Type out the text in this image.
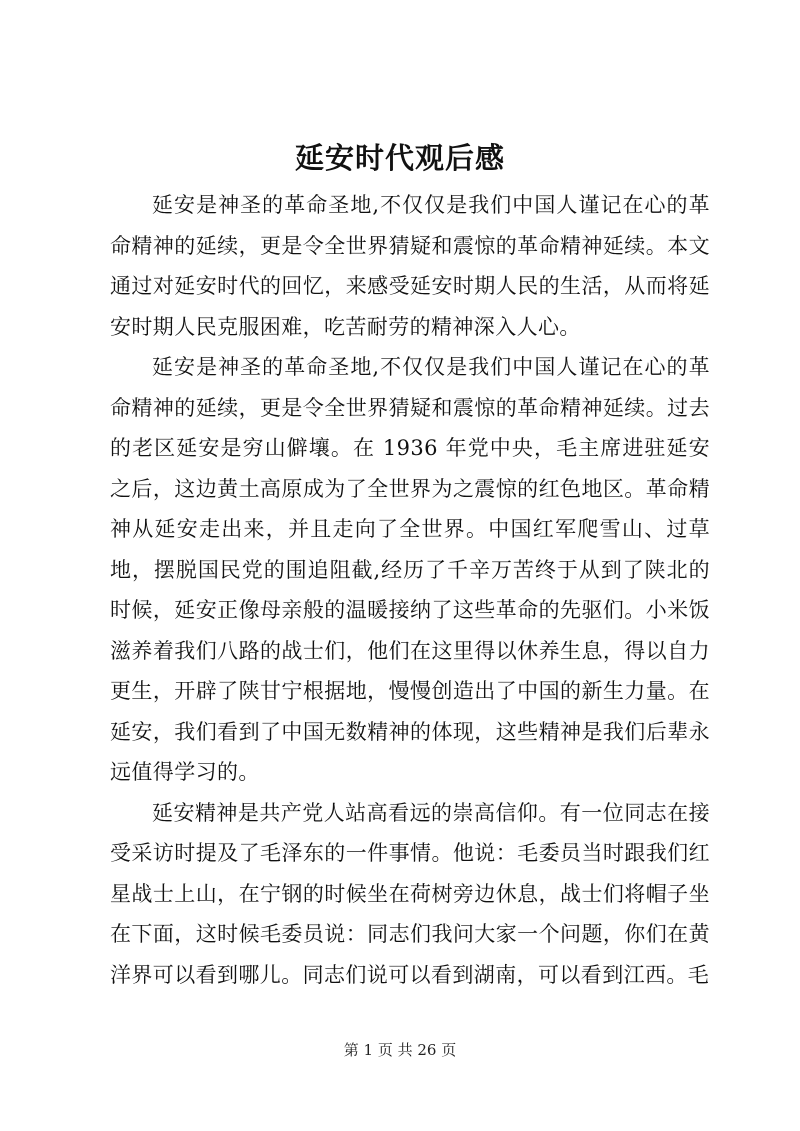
延安时代观后感

延安是神圣的革命圣地,不仅仅是我们中国人谨记在心的革命精神的延续，更是令全世界猜疑和震惊的革命精神延续。本文通过对延安时代的回忆，来感受延安时期人民的生活，从而将延安时期人民克服困难，吃苦耐劳的精神深入人心。

延安是神圣的革命圣地,不仅仅是我们中国人谨记在心的革命精神的延续，更是令全世界猜疑和震惊的革命精神延续。过去的老区延安是穷山僻壤。在 1936 年党中央，毛主席进驻延安之后，这边黄土高原成为了全世界为之震惊的红色地区。革命精神从延安走出来，并且走向了全世界。中国红军爬雪山、过草地，摆脱国民党的围追阻截,经历了千辛万苦终于从到了陕北的时候，延安正像母亲般的温暖接纳了这些革命的先驱们。小米饭滋养着我们八路的战士们，他们在这里得以休养生息，得以自力更生，开辟了陕甘宁根据地，慢慢创造出了中国的新生力量。在延安，我们看到了中国无数精神的体现，这些精神是我们后辈永远值得学习的。

延安精神是共产党人站高看远的崇高信仰。有一位同志在接受采访时提及了毛泽东的一件事情。他说：毛委员当时跟我们红星战士上山，在宁钢的时候坐在荷树旁边休息，战士们将帽子坐在下面，这时候毛委员说：同志们我问大家一个问题，你们在黄洋界可以看到哪儿。同志们说可以看到湖南，可以看到江西。毛

第 1 页 共 26 页
